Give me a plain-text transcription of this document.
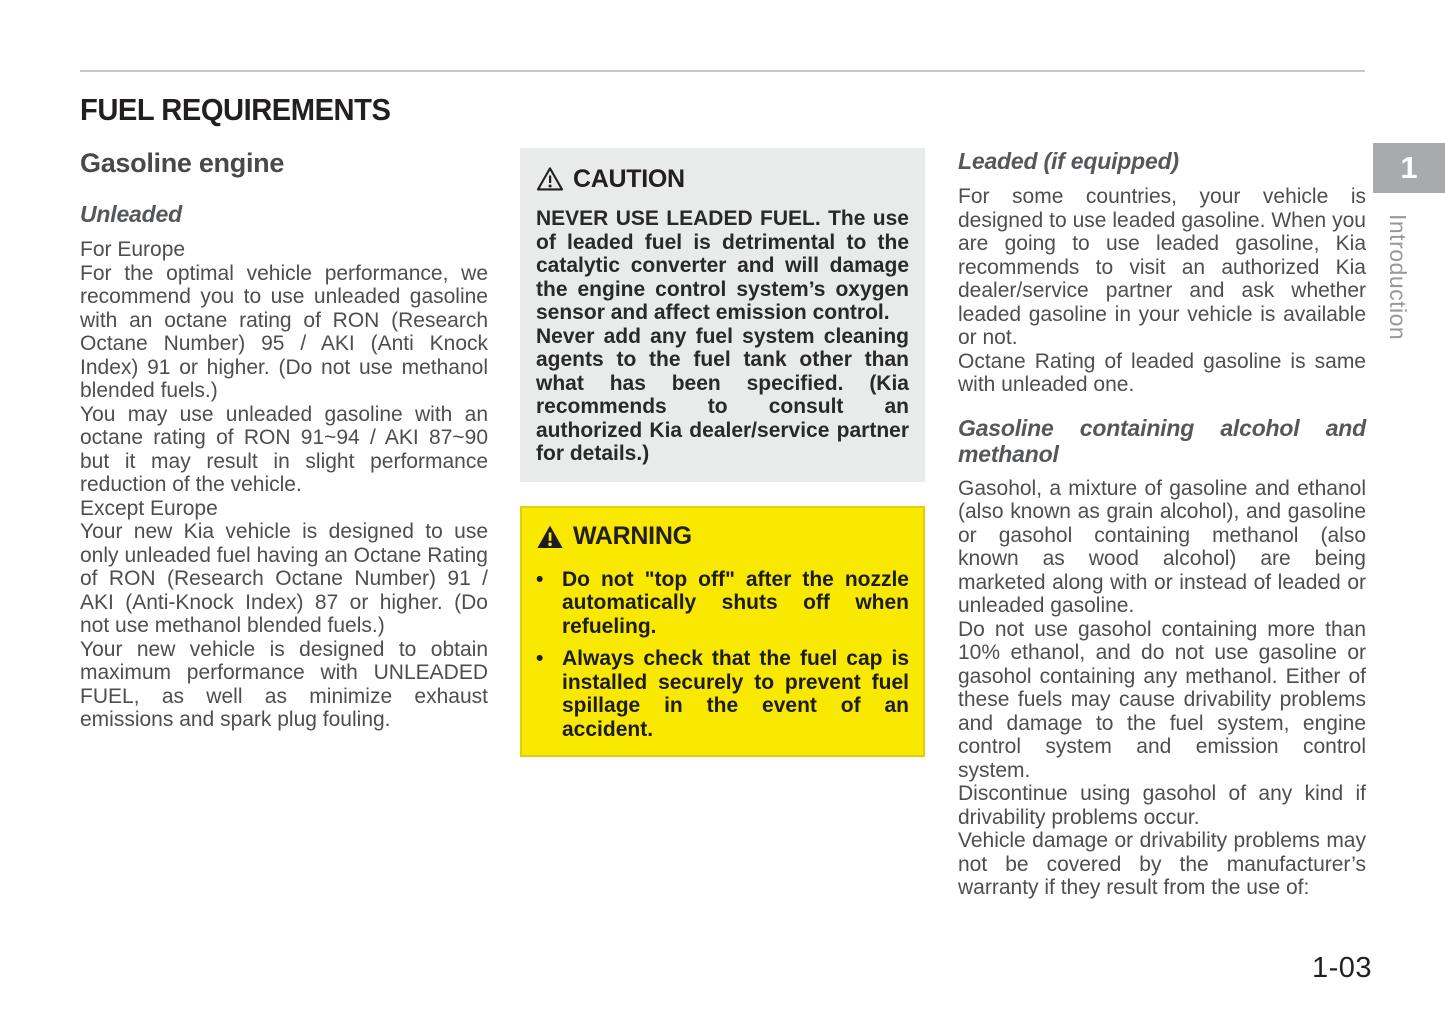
FUEL REQUIREMENTS
Gasoline engine
Unleaded

For Europe

For the optimal vehicle performance, we recommend you to use unleaded gasoline with an octane rating of RON (Research Octane Number) 95 / AKI (Anti Knock Index) 91 or higher. (Do not use methanol blended fuels.)

You may use unleaded gasoline with an octane rating of RON 91~94 / AKI 87~90 but it may result in slight performance reduction of the vehicle.

Except Europe

Your new Kia vehicle is designed to use only unleaded fuel having an Octane Rating of RON (Research Octane Number) 91 / AKI (Anti-Knock Index) 87 or higher. (Do not use methanol blended fuels.)

Your new vehicle is designed to obtain maximum performance with UNLEADED FUEL, as well as minimize exhaust emissions and spark plug fouling.

CAUTION

NEVER USE LEADED FUEL. The use of leaded fuel is detrimental to the catalytic converter and will damage the engine control system’s oxygen sensor and affect emission control.

Never add any fuel system cleaning agents to the fuel tank other than what has been specified. (Kia recommends to consult an authorized Kia dealer/service partner for details.)

WARNING
• Do not "top off" after the nozzle automatically shuts off when refueling.
• Always check that the fuel cap is installed securely to prevent fuel spillage in the event of an accident.
Leaded (if equipped)

For some countries, your vehicle is designed to use leaded gasoline. When you are going to use leaded gasoline, Kia recommends to visit an authorized Kia dealer/service partner and ask whether leaded gasoline in your vehicle is available or not.

Octane Rating of leaded gasoline is same with unleaded one.

Gasoline containing alcohol and methanol

Gasohol, a mixture of gasoline and ethanol (also known as grain alcohol), and gasoline or gasohol containing methanol (also known as wood alcohol) are being marketed along with or instead of leaded or unleaded gasoline.

Do not use gasohol containing more than 10% ethanol, and do not use gasoline or gasohol containing any methanol. Either of these fuels may cause drivability problems and damage to the fuel system, engine control system and emission control system.

Discontinue using gasohol of any kind if drivability problems occur.

Vehicle damage or drivability problems may not be covered by the manufacturer’s warranty if they result from the use of:

1
Introduction
1-03
